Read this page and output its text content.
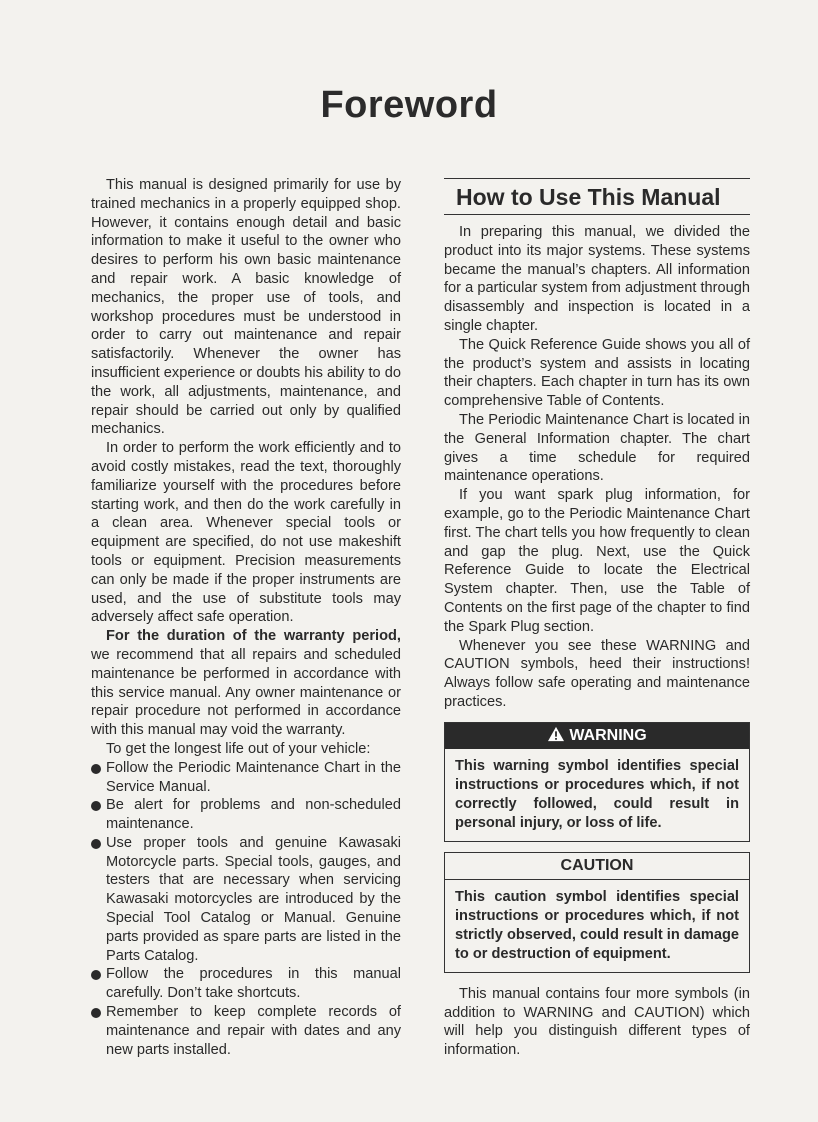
Foreword

This manual is designed primarily for use by trained mechanics in a properly equipped shop. However, it contains enough detail and basic information to make it useful to the owner who desires to perform his own basic maintenance and repair work. A basic knowledge of mechanics, the proper use of tools, and workshop procedures must be understood in order to carry out maintenance and repair satisfactorily. Whenever the owner has insufficient experience or doubts his ability to do the work, all adjustments, maintenance, and repair should be carried out only by qualified mechanics.

In order to perform the work efficiently and to avoid costly mistakes, read the text, thoroughly familiarize yourself with the procedures before starting work, and then do the work carefully in a clean area. Whenever special tools or equipment are specified, do not use makeshift tools or equipment. Precision measurements can only be made if the proper instruments are used, and the use of substitute tools may adversely affect safe operation.

For the duration of the warranty period, we recommend that all repairs and scheduled maintenance be performed in accordance with this service manual. Any owner maintenance or repair procedure not performed in accordance with this manual may void the warranty.

To get the longest life out of your vehicle:

Follow the Periodic Maintenance Chart in the Service Manual.
Be alert for problems and non-scheduled maintenance.
Use proper tools and genuine Kawasaki Motorcycle parts. Special tools, gauges, and testers that are necessary when servicing Kawasaki motorcycles are introduced by the Special Tool Catalog or Manual. Genuine parts provided as spare parts are listed in the Parts Catalog.
Follow the procedures in this manual carefully. Don’t take shortcuts.
Remember to keep complete records of maintenance and repair with dates and any new parts installed.
How to Use This Manual

In preparing this manual, we divided the product into its major systems. These systems became the manual’s chapters. All information for a particular system from adjustment through disassembly and inspection is located in a single chapter.

The Quick Reference Guide shows you all of the product’s system and assists in locating their chapters. Each chapter in turn has its own comprehensive Table of Contents.

The Periodic Maintenance Chart is located in the General Information chapter. The chart gives a time schedule for required maintenance operations.

If you want spark plug information, for example, go to the Periodic Maintenance Chart first. The chart tells you how frequently to clean and gap the plug. Next, use the Quick Reference Guide to locate the Electrical System chapter. Then, use the Table of Contents on the first page of the chapter to find the Spark Plug section.

Whenever you see these WARNING and CAUTION symbols, heed their instructions! Always follow safe operating and maintenance practices.

WARNING
This warning symbol identifies special instructions or procedures which, if not correctly followed, could result in personal injury, or loss of life.
CAUTION
This caution symbol identifies special instructions or procedures which, if not strictly observed, could result in damage to or destruction of equipment.

This manual contains four more symbols (in addition to WARNING and CAUTION) which will help you distinguish different types of information.
